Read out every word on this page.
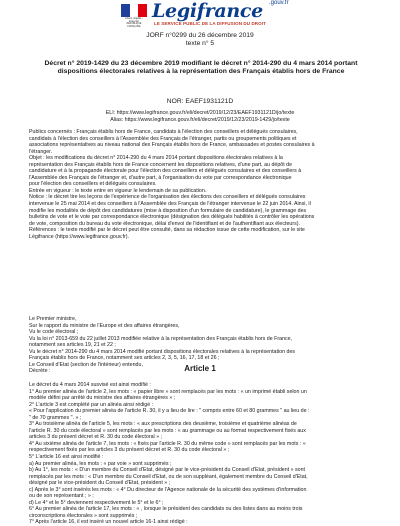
Liberté • Égalité • Fraternité
RÉPUBLIQUE FRANÇAISE
Legifrance .gouv.fr
LE SERVICE PUBLIC DE LA DIFFUSION DU DROIT
JORF n°0299 du 26 décembre 2019
texte n° 5
Décret n° 2019-1429 du 23 décembre 2019 modifiant le décret n° 2014-290 du 4 mars 2014 portant dispositions électorales relatives à la représentation des Français établis hors de France
NOR: EAEF1931121D
ELI: https://www.legifrance.gouv.fr/eli/decret/2019/12/23/EAEF1931121D/jo/texte
Alias: https://www.legifrance.gouv.fr/eli/decret/2019/12/23/2019-1429/jo/texte
Publics concernés : Français établis hors de France, candidats à l'élection des conseillers et délégués consulaires,
candidats à l'élection des conseillers à l'Assemblée des Français de l'étranger, partis ou groupements politiques et
associations représentatives au niveau national des Français établis hors de France, ambassades et postes consulaires à
l'étranger.
Objet : les modifications du décret n° 2014-290 du 4 mars 2014 portant dispositions électorales relatives à la
représentation des Français établis hors de France concernent les dispositions relatives, d'une part, au dépôt de
candidature et à la propagande électorale pour l'élection des conseillers et délégués consulaires et des conseillers à
l'Assemblée des Français de l'étranger et, d'autre part, à l'organisation du vote par correspondance électronique
pour l'élection des conseillers et délégués consulaires.
Entrée en vigueur : le texte entre en vigueur le lendemain de sa publication.
Notice : le décret tire les leçons de l'expérience de l'organisation des élections des conseillers et délégués consulaires
intervenue le 25 mai 2014 et des conseillers à l'Assemblée des Français de l'étranger intervenue le 22 juin 2014. Ainsi, il
modifie les modalités de dépôt des candidatures (mise à disposition d'un formulaire de candidature), le grammage des
bulletins de vote et le vote par correspondance électronique (désignation des délégués habilités à contrôler les opérations
de vote, composition du bureau du vote électronique, délai d'envoi de l'identifiant et de l'authentifiant aux électeurs).
Références : le texte modifié par le décret peut être consulté, dans sa rédaction issue de cette modification, sur le site
Légifrance (https://www.legifrance.gouv.fr).
Le Premier ministre,
Sur le rapport du ministre de l'Europe et des affaires étrangères,
Vu le code électoral ;
Vu la loi n° 2013-659 du 22 juillet 2013 modifiée relative à la représentation des Français établis hors de France,
notamment ses articles 19, 21 et 22 ;
Vu le décret n° 2014-290 du 4 mars 2014 modifié portant dispositions électorales relatives à la représentation des
Français établis hors de France, notamment ses articles 2, 3, 5, 16, 17, 18 et 26 ;
Le Conseil d'Etat (section de l'intérieur) entendu,
Décrète :	Article 1
Le décret du 4 mars 2014 susvisé est ainsi modifié :
1° Au premier alinéa de l'article 2, les mots : « papier libre » sont remplacés par les mots : « un imprimé établi selon un
modèle défini par arrêté du ministre des affaires étrangères » ;
2° L'article 3 est complété par un alinéa ainsi rédigé :
« Pour l'application du premier alinéa de l'article R. 30, il y a lieu de lire : " compris entre 60 et 80 grammes " au lieu de :
" de 70 grammes ". » ;
3° Au troisième alinéa de l'article 5, les mots : « aux prescriptions des deuxième, troisième et quatrième alinéas de
l'article R. 30 du code électoral » sont remplacés par les mots : « au grammage ou au format respectivement fixés aux
articles 3 du présent décret et R. 30 du code électoral » ;
4° Au sixième alinéa de l'article 7, les mots : « fixés par l'article R. 30 du même code » sont remplacés par les mots : «
respectivement fixés par les articles 3 du présent décret et R. 30 du code électoral » ;
5° L'article 16 est ainsi modifié :
a) Au premier alinéa, les mots : « par voie » sont supprimés ;
b) Au 1°, les mots : « D'un membre du Conseil d'Etat, désigné par le vice-président du Conseil d'Etat, président » sont
remplacés par les mots : « D'un membre du Conseil d'Etat, ou de son suppléant, également membre du Conseil d'Etat,
désigné par le vice-président du Conseil d'Etat, président » ;
c) Après le 3° sont insérés les mots : « 4° Du directeur de l'Agence nationale de la sécurité des systèmes d'information
ou de son représentant ; » ;
d) Le 4° et le 5° deviennent respectivement le 5° et le 6° ;
6° Au premier alinéa de l'article 17, les mots : « , lorsque le président des candidats ou des listes dans au moins trois
circonscriptions électorales » sont supprimés ;
7° Après l'article 16, il est inséré un nouvel article 16-1 ainsi rédigé :
